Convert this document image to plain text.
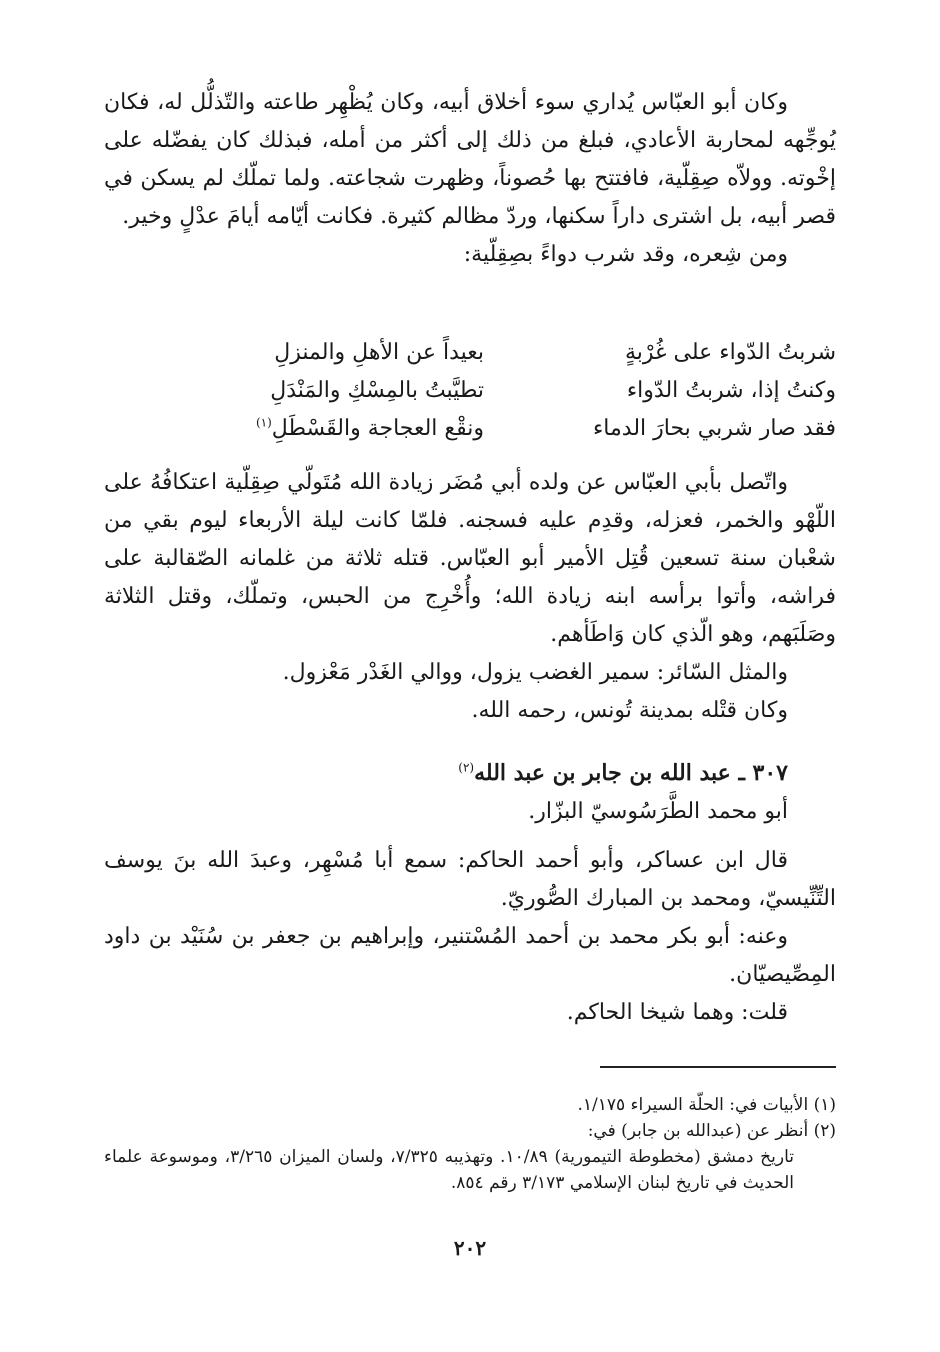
وكان أبو العبّاس يُداري سوء أخلاق أبيه، وكان يُظْهِر طاعته والتّذلُّل له، فكان يُوجِّهه لمحاربة الأعادي، فبلغ من ذلك إلى أكثر من أمله، فبذلك كان يفضّله على إخْوته. وولاّه صِقِلّية، فافتتح بها حُصوناً، وظهرت شجاعته. ولما تملّك لم يسكن في قصر أبيه، بل اشترى داراً سكنها، وردّ مظالم كثيرة. فكانت أيّامه أيامَ عدْلٍ وخير.

ومن شِعره، وقد شرب دواءً بصِقِلّية:

شربتُ الدّواء على غُرْبةٍ
بعيداً عن الأهلِ والمنزلِ
وكنتُ إذا، شربتُ الدّواء
تطيَّبتُ بالمِسْكِ والمَنْدَلِ
فقد صار شربي بحارَ الدماء
ونقْع العجاجة والقَسْطَلِ$^{(١)}$

واتّصل بأبي العبّاس عن ولده أبي مُضَر زيادة الله مُتَولّي صِقِلّية اعتكافُهُ على اللّهْو والخمر، فعزله، وقدِم عليه فسجنه. فلمّا كانت ليلة الأربعاء ليوم بقي من شعْبان سنة تسعين قُتِل الأمير أبو العبّاس. قتله ثلاثة من غلمانه الصّقالبة على فراشه، وأتوا برأسه ابنه زيادة الله؛ وأُخْرِج من الحبس، وتملّك، وقتل الثلاثة وصَلَبَهم، وهو الّذي كان وَاطَأهم.

والمثل السّائر: سمير الغضب يزول، ووالي الغَدْر مَعْزول.

وكان قتْله بمدينة تُونس، رحمه الله.

٣٠٧ ـ عبد الله بن جابر بن عبد الله$^{(٢)}$

أبو محمد الطَّرَسُوسيّ البزّار.

قال ابن عساكر، وأبو أحمد الحاكم: سمع أبا مُسْهِر، وعبدَ الله بنَ يوسف التِّنِّيسيّ، ومحمد بن المبارك الصُّوريّ.

وعنه: أبو بكر محمد بن أحمد المُسْتنير، وإبراهيم بن جعفر بن سُنَيْد بن داود المِصِّيصيّان.

قلت: وهما شيخا الحاكم.

(١) الأبيات في: الحلّة السيراء ١/١٧٥.
(٢) أنظر عن (عبدالله بن جابر) في:
تاريخ دمشق (مخطوطة التيمورية) ١٠/٨٩. وتهذيبه ٧/٣٢٥، ولسان الميزان ٣/٢٦٥، وموسوعة علماء الحديث في تاريخ لبنان الإسلامي ٣/١٧٣ رقم ٨٥٤.
٢٠٢
